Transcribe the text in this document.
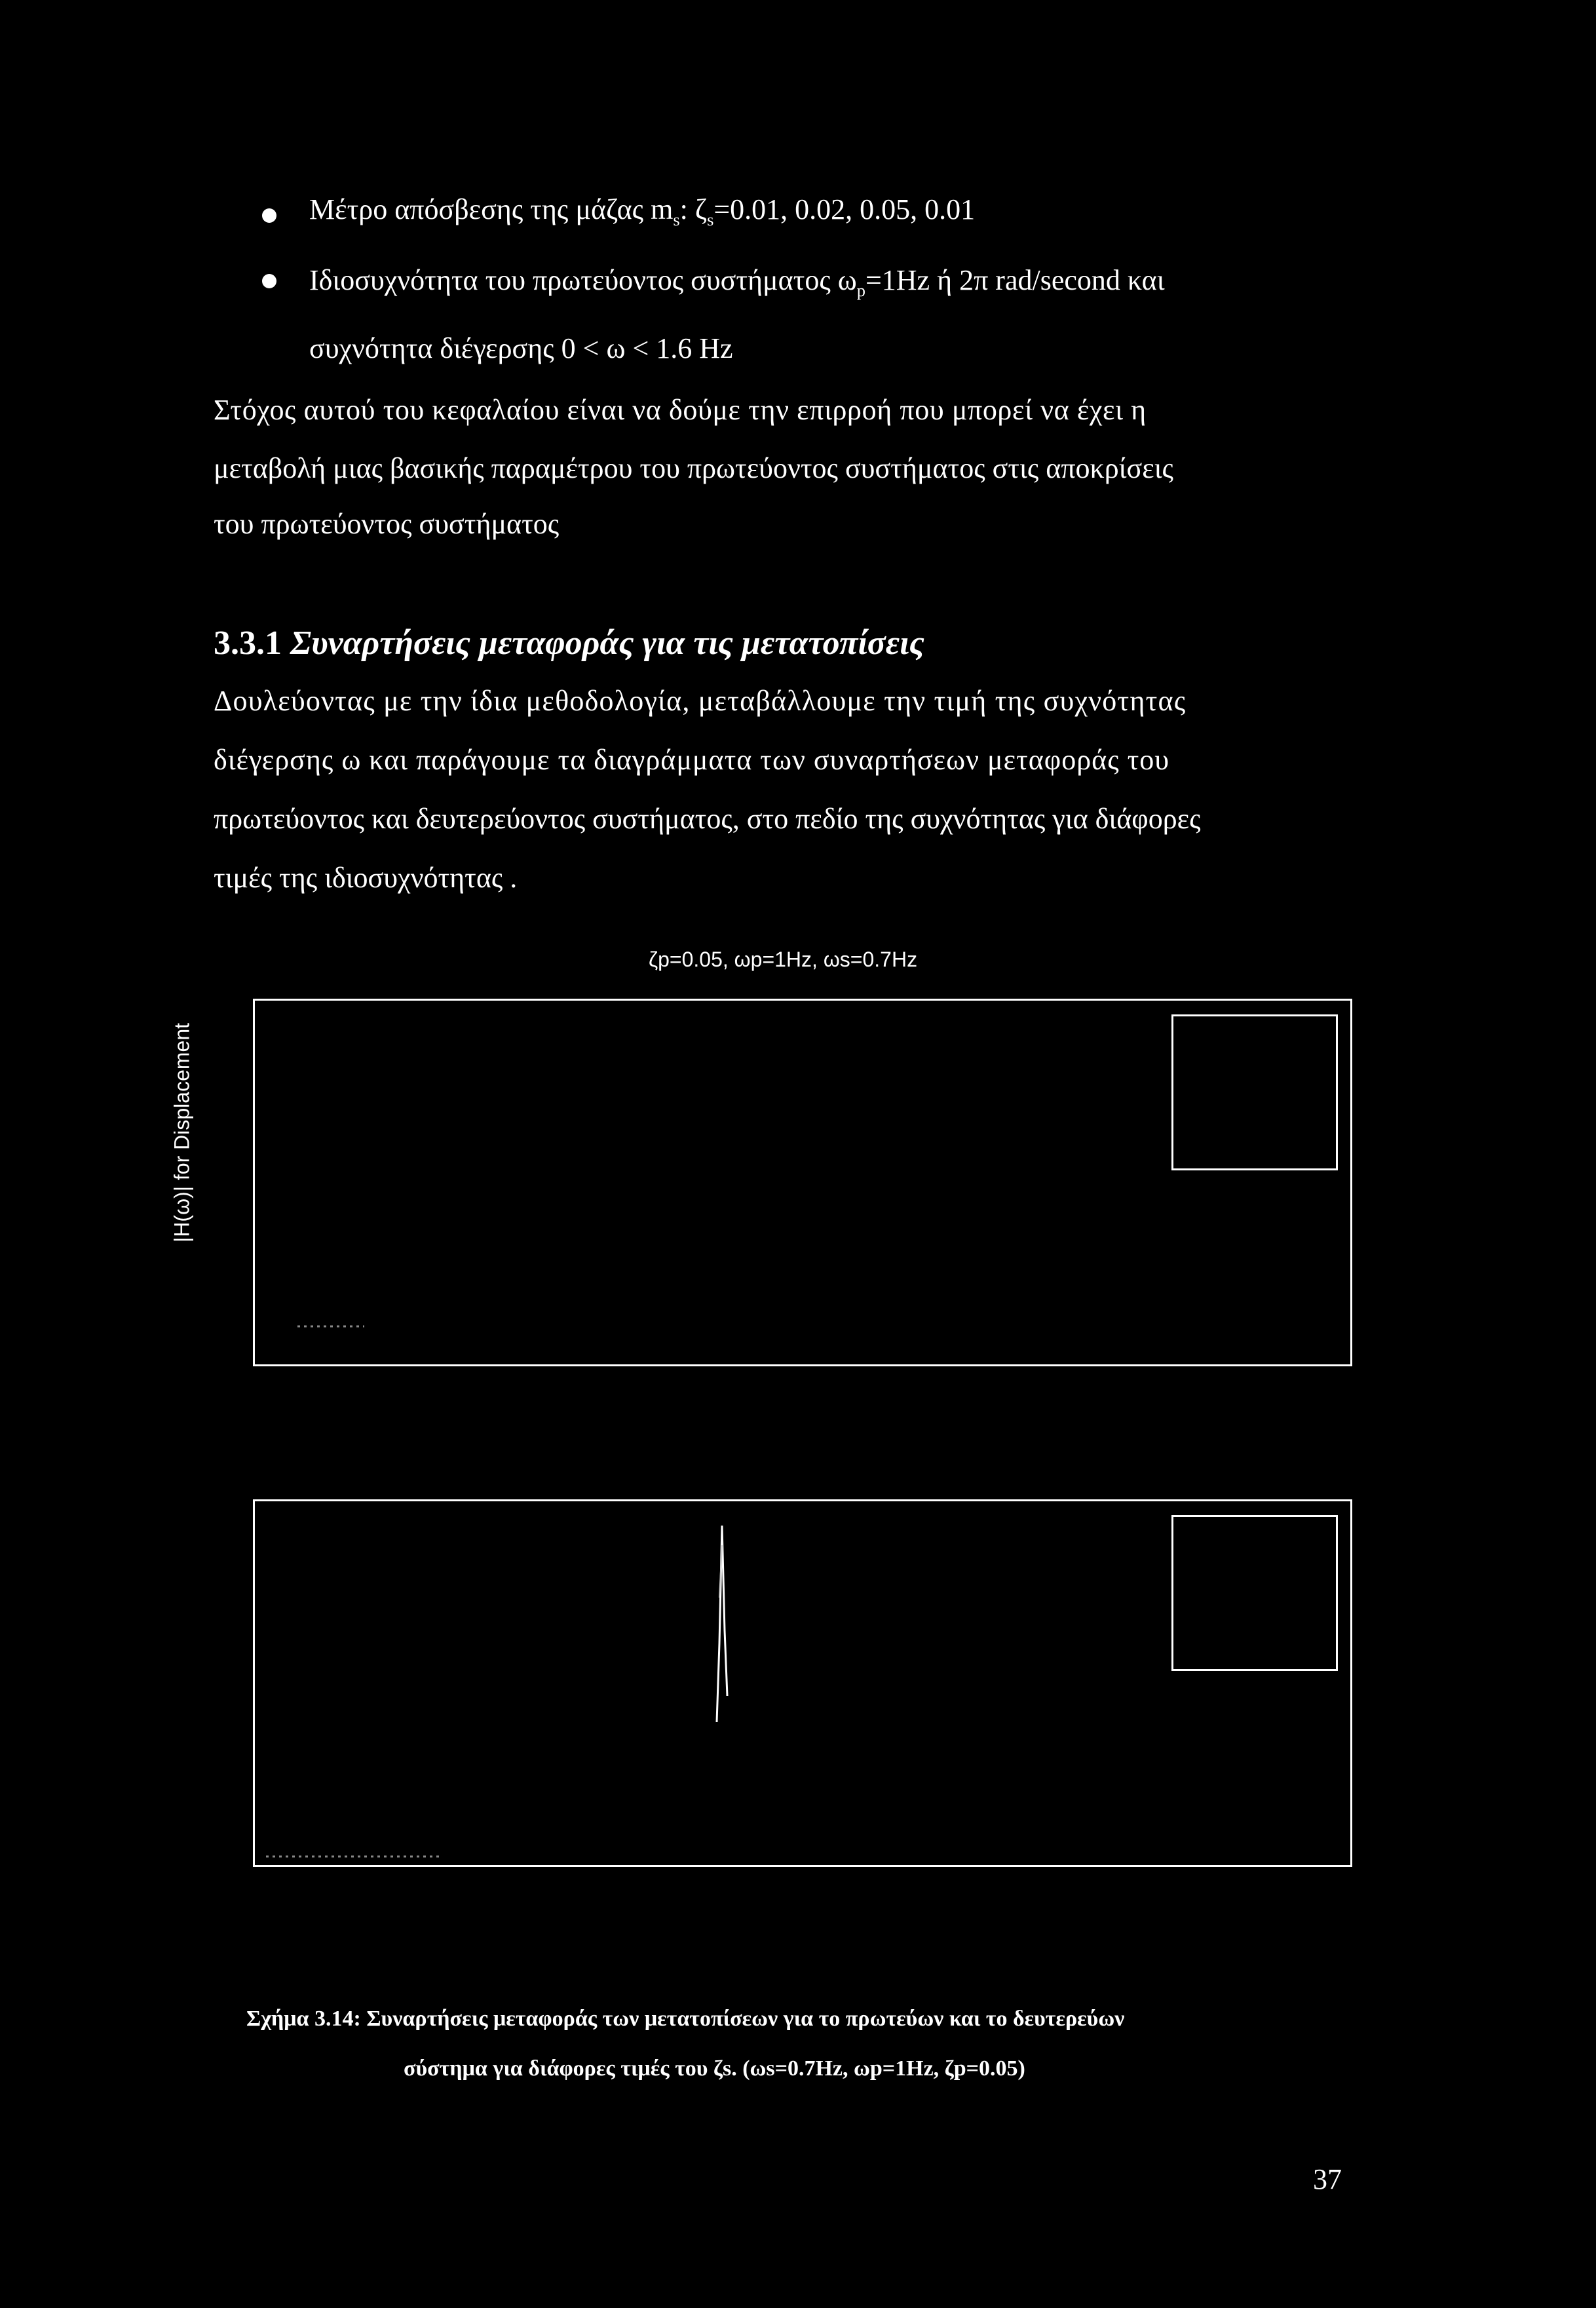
Μέτρο απόσβεσης της μάζας $m_s$: $\zeta_s=0.01$, 0.02, 0.05, 0.01
Ιδιοσυχνότητα του πρωτεύοντος συστήματος $\omega_p=1Hz$ ή 2π rad/second και
συχνότητα διέγερσης 0 < ω < 1.6 Hz
Στόχος αυτού του κεφαλαίου είναι να δούμε την επιρροή που μπορεί να έχει η
μεταβολή μιας βασικής παραμέτρου του πρωτεύοντος συστήματος στις αποκρίσεις
του πρωτεύοντος συστήματος
3.3.1 Συναρτήσεις μεταφοράς για τις μετατοπίσεις
Δουλεύοντας με την ίδια μεθοδολογία, μεταβάλλουμε την τιμή της συχνότητας
διέγερσης ω και παράγουμε τα διαγράμματα των συναρτήσεων μεταφοράς του
πρωτεύοντος και δευτερεύοντος συστήματος, στο πεδίο της συχνότητας για διάφορες
τιμές της ιδιοσυχνότητας .
ζp=0.05, ωp=1Hz, ωs=0.7Hz
|H(ω)| for Displacement
Σχήμα 3.14: Συναρτήσεις μεταφοράς των μετατοπίσεων για το πρωτεύων και το δευτερεύων
σύστημα για διάφορες τιμές του ζs. (ωs=0.7Hz, ωp=1Hz, ζp=0.05)
37
